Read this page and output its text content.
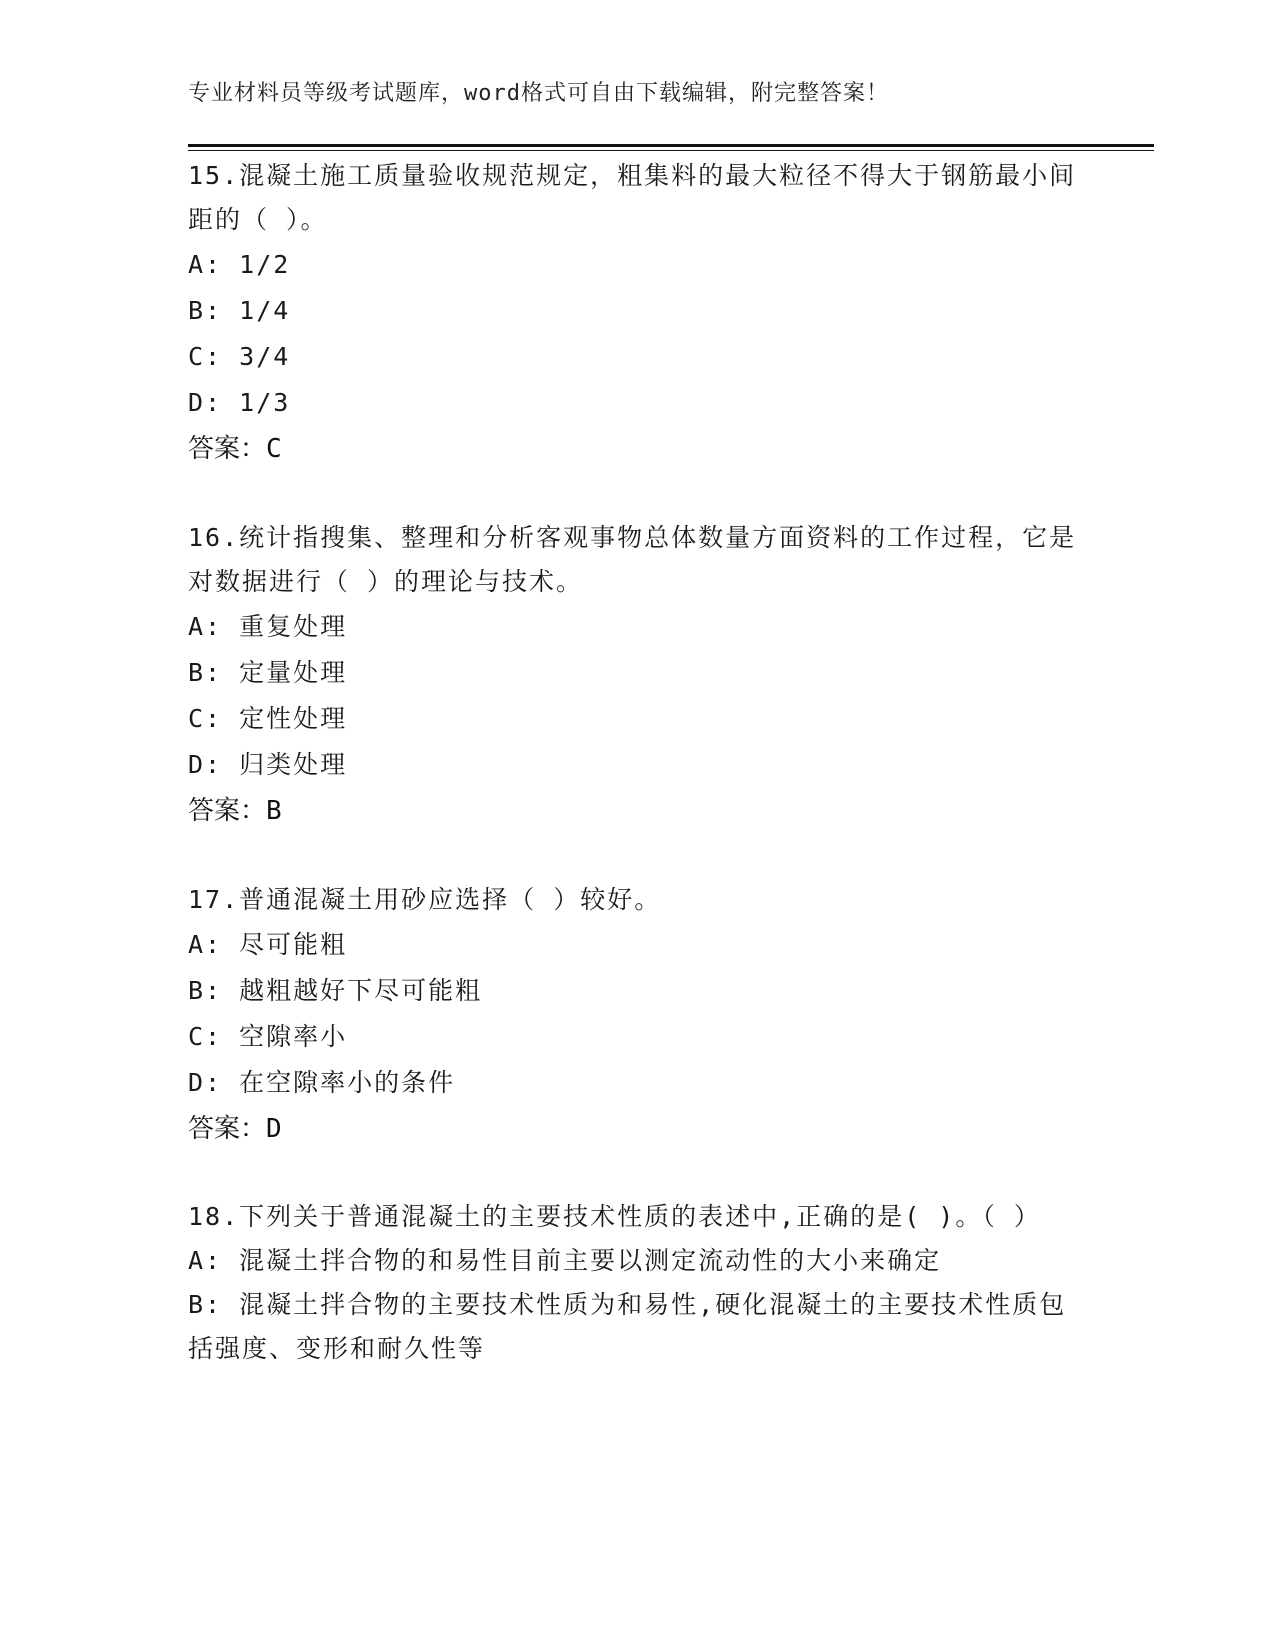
专业材料员等级考试题库，word格式可自由下载编辑，附完整答案！

15.混凝土施工质量验收规范规定，粗集料的最大粒径不得大于钢筋最小间距的（ ）。

A: 1/2

B: 1/4

C: 3/4

D: 1/3

答案：C

16.统计指搜集、整理和分析客观事物总体数量方面资料的工作过程，它是对数据进行（ ）的理论与技术。

A: 重复处理

B: 定量处理

C: 定性处理

D: 归类处理

答案：B

17.普通混凝土用砂应选择（ ）较好。

A: 尽可能粗

B: 越粗越好下尽可能粗

C: 空隙率小

D: 在空隙率小的条件

答案：D

18.下列关于普通混凝土的主要技术性质的表述中,正确的是( )。（ ）

A: 混凝土拌合物的和易性目前主要以测定流动性的大小来确定

B: 混凝土拌合物的主要技术性质为和易性,硬化混凝土的主要技术性质包括强度、变形和耐久性等
